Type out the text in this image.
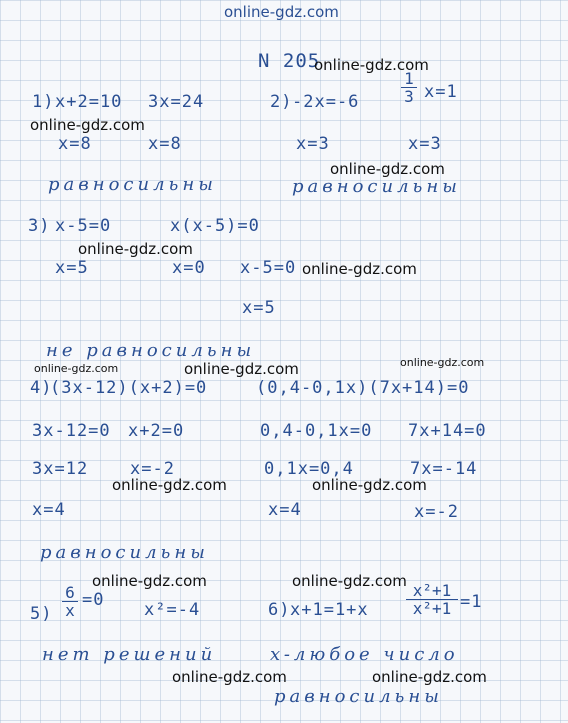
online-gdz.com
N 205
1) x+2=10 3x=24
x=8	x=8
равносильны
2) -2x=-6
1
3 x=1
x=3	x=3
равносильны
3) x-5=0	x(x-5)=0
x=5	x=0 x-5=0
x=5
не равносильны
4)
(3x-12)(x+2)=0	(0,4-0,1x)(7x+14)=0
3x-12=0 x+2=0	0,4-0,1x=0 7x+14=0
3x=12 x=-2	0,1x=0,4	7x=-14
x=4	x=4	x=-2
равносильны
5)
6
x
=0 x²=-4
нет решений
6) x+1=1+x
x²+1
x²+1 =1
x-любое число
равносильны
online-gdz.com
online-gdz.com
online-gdz.com
online-gdz.com
online-gdz.com
online-gdz.com	online-gdz.com	online-gdz.com
online-gdz.com	online-gdz.com
online-gdz.com	online-gdz.com
online-gdz.com	online-gdz.com
